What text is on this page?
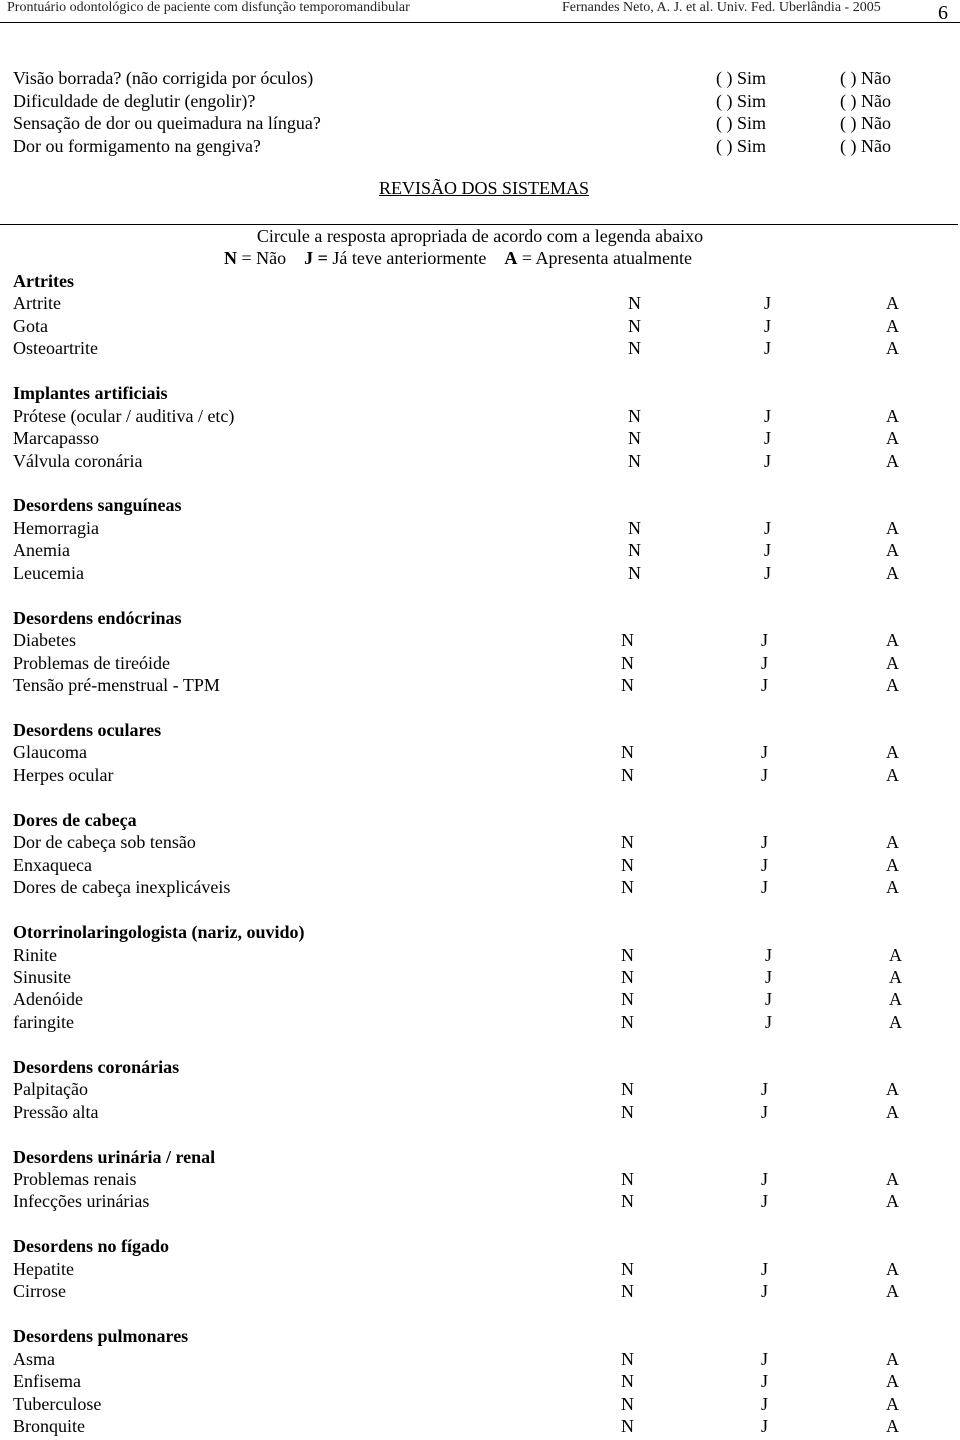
Prontuário odontológico de paciente com disfunção temporomandibular	Fernandes Neto, A. J. et al. Univ. Fed. Uberlândia - 2005	6
Visão borrada? (não corrigida por óculos)	( ) Sim	( ) Não
Dificuldade de deglutir (engolir)?	( ) Sim	( ) Não
Sensação de dor ou queimadura na língua?	( ) Sim	( ) Não
Dor ou formigamento na gengiva?	( ) Sim	( ) Não
REVISÃO DOS SISTEMAS
Circule a resposta apropriada de acordo com a legenda abaixo
N = Não J = Já teve anteriormente A = Apresenta atualmente
Artrites
Artrite	N	J	A
Gota	N	J	A
Osteoartrite	N	J	A
Implantes artificiais
Prótese (ocular / auditiva / etc)	N	J	A
Marcapasso	N	J	A
Válvula coronária	N	J	A
Desordens sanguíneas
Hemorragia	N	J	A
Anemia	N	J	A
Leucemia	N	J	A
Desordens endócrinas
Diabetes	N	J	A
Problemas de tireóide	N	J	A
Tensão pré-menstrual - TPM	N	J	A
Desordens oculares
Glaucoma	N	J	A
Herpes ocular	N	J	A
Dores de cabeça
Dor de cabeça sob tensão	N	J	A
Enxaqueca	N	J	A
Dores de cabeça inexplicáveis	N	J	A
Otorrinolaringologista (nariz, ouvido)
Rinite	N	J	A
Sinusite	N	J	A
Adenóide	N	J	A
faringite	N	J	A
Desordens coronárias
Palpitação	N	J	A
Pressão alta	N	J	A
Desordens urinária / renal
Problemas renais	N	J	A
Infecções urinárias	N	J	A
Desordens no fígado
Hepatite	N	J	A
Cirrose	N	J	A
Desordens pulmonares
Asma	N	J	A
Enfisema	N	J	A
Tuberculose	N	J	A
Bronquite	N	J	A
